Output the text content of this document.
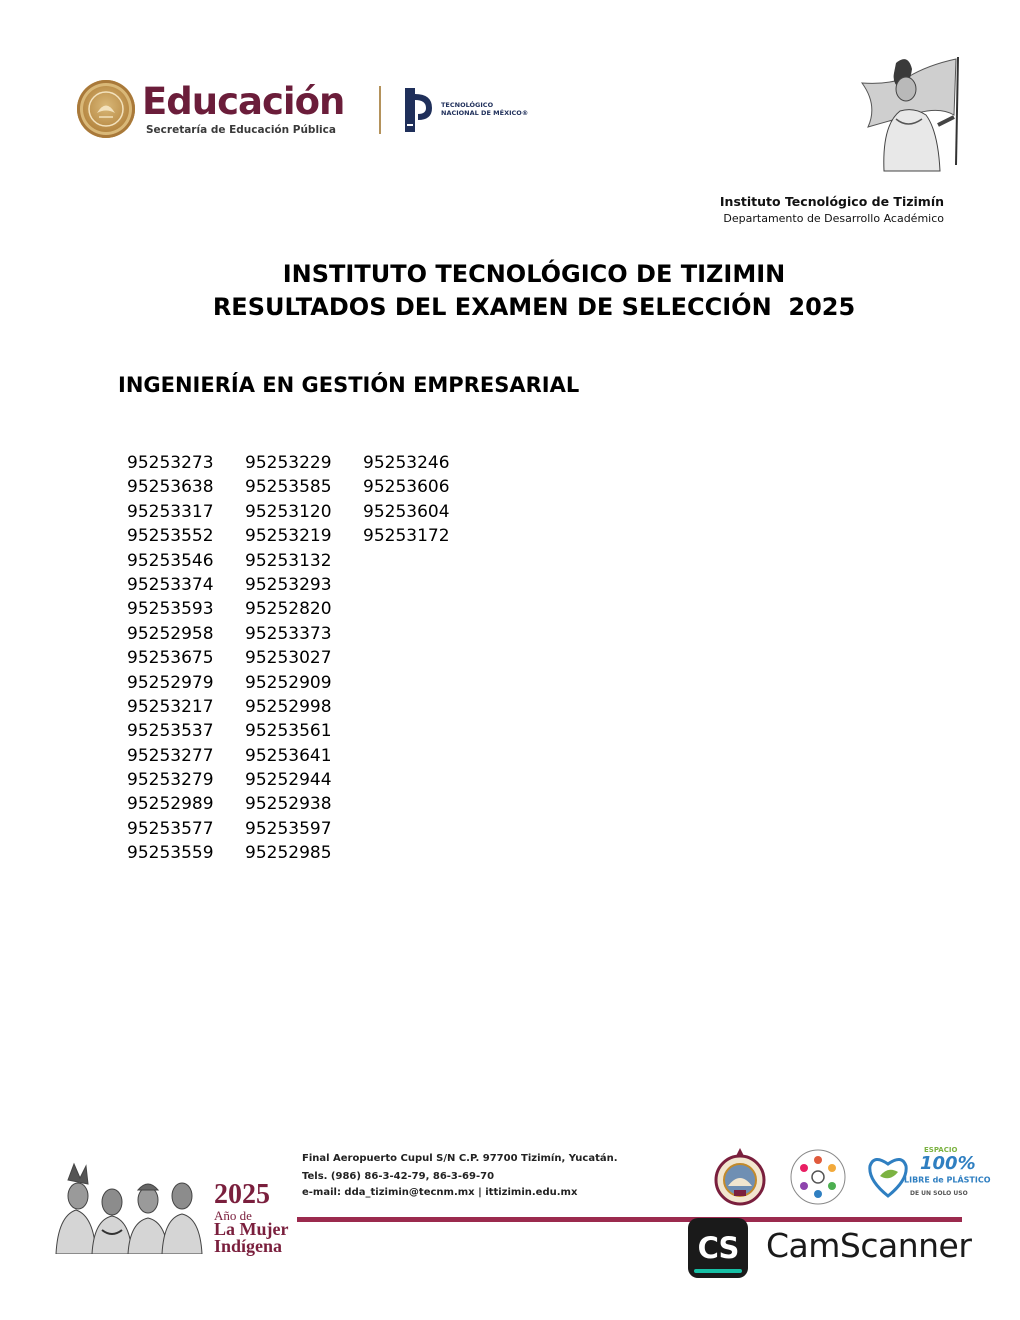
Educación
Secretaría de Educación Pública
TECNOLÓGICO
NACIONAL DE MÉXICO®
Instituto Tecnológico de Tizimín
Departamento de Desarrollo Académico
INSTITUTO TECNOLÓGICO DE TIZIMIN
RESULTADOS DEL EXAMEN DE SELECCIÓN  2025
INGENIERÍA EN GESTIÓN EMPRESARIAL
95253273
95253638
95253317
95253552
95253546
95253374
95253593
95252958
95253675
95252979
95253217
95253537
95253277
95253279
95252989
95253577
95253559
95253229
95253585
95253120
95253219
95253132
95253293
95252820
95253373
95253027
95252909
95252998
95253561
95253641
95252944
95252938
95253597
95252985
95253246
95253606
95253604
95253172
2025
Año de
La Mujer
Indígena
Final Aeropuerto Cupul S/N C.P. 97700 Tizimín, Yucatán.
Tels. (986) 86-3-42-79, 86-3-69-70
e-mail: dda_tizimin@tecnm.mx | ittizimin.edu.mx
ESPACIO
100%
LIBRE de PLÁSTICO
DE UN SOLO USO
CS CamScanner
